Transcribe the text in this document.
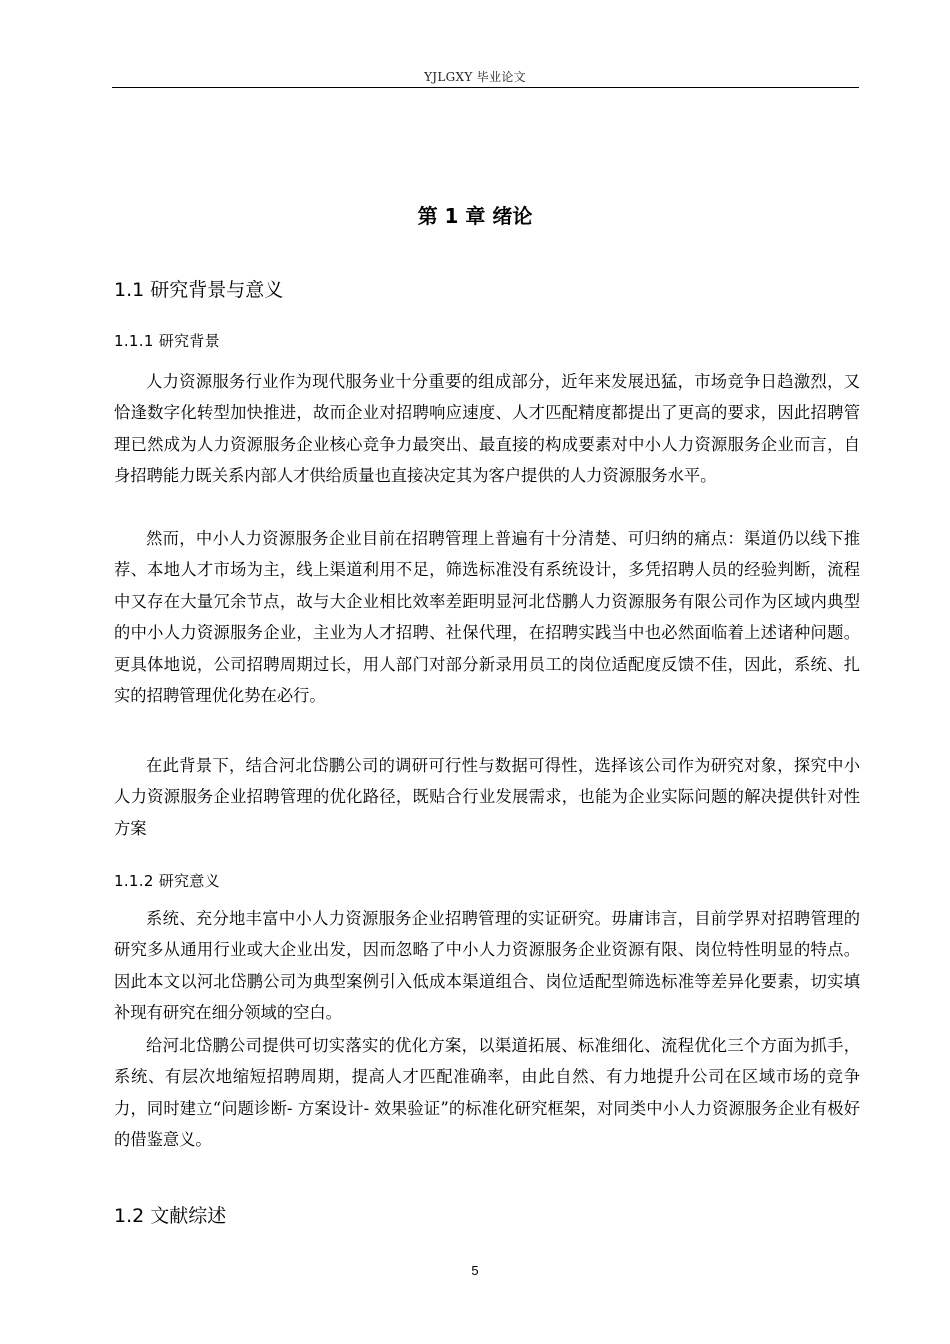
YJLGXY 毕业论文
第 1 章 绪论
1.1 研究背景与意义
1.1.1 研究背景

人力资源服务行业作为现代服务业十分重要的组成部分，近年来发展迅猛，市场竞争日趋激烈，又恰逢数字化转型加快推进，故而企业对招聘响应速度、人才匹配精度都提出了更高的要求，因此招聘管理已然成为人力资源服务企业核心竞争力最突出、最直接的构成要素对中小人力资源服务企业而言，自身招聘能力既关系内部人才供给质量也直接决定其为客户提供的人力资源服务水平。

然而，中小人力资源服务企业目前在招聘管理上普遍有十分清楚、可归纳的痛点：渠道仍以线下推荐、本地人才市场为主，线上渠道利用不足，筛选标准没有系统设计，多凭招聘人员的经验判断，流程中又存在大量冗余节点，故与大企业相比效率差距明显河北岱鹏人力资源服务有限公司作为区域内典型的中小人力资源服务企业，主业为人才招聘、社保代理，在招聘实践当中也必然面临着上述诸种问题。更具体地说，公司招聘周期过长，用人部门对部分新录用员工的岗位适配度反馈不佳，因此，系统、扎实的招聘管理优化势在必行。

在此背景下，结合河北岱鹏公司的调研可行性与数据可得性，选择该公司作为研究对象，探究中小人力资源服务企业招聘管理的优化路径，既贴合行业发展需求，也能为企业实际问题的解决提供针对性方案

1.1.2 研究意义

系统、充分地丰富中小人力资源服务企业招聘管理的实证研究。毋庸讳言，目前学界对招聘管理的研究多从通用行业或大企业出发，因而忽略了中小人力资源服务企业资源有限、岗位特性明显的特点。因此本文以河北岱鹏公司为典型案例引入低成本渠道组合、岗位适配型筛选标准等差异化要素，切实填补现有研究在细分领域的空白。

给河北岱鹏公司提供可切实落实的优化方案，以渠道拓展、标准细化、流程优化三个方面为抓手，系统、有层次地缩短招聘周期，提高人才匹配准确率，由此自然、有力地提升公司在区域市场的竞争力，同时建立“问题诊断- 方案设计- 效果验证”的标准化研究框架，对同类中小人力资源服务企业有极好的借鉴意义。

1.2 文献综述
5
